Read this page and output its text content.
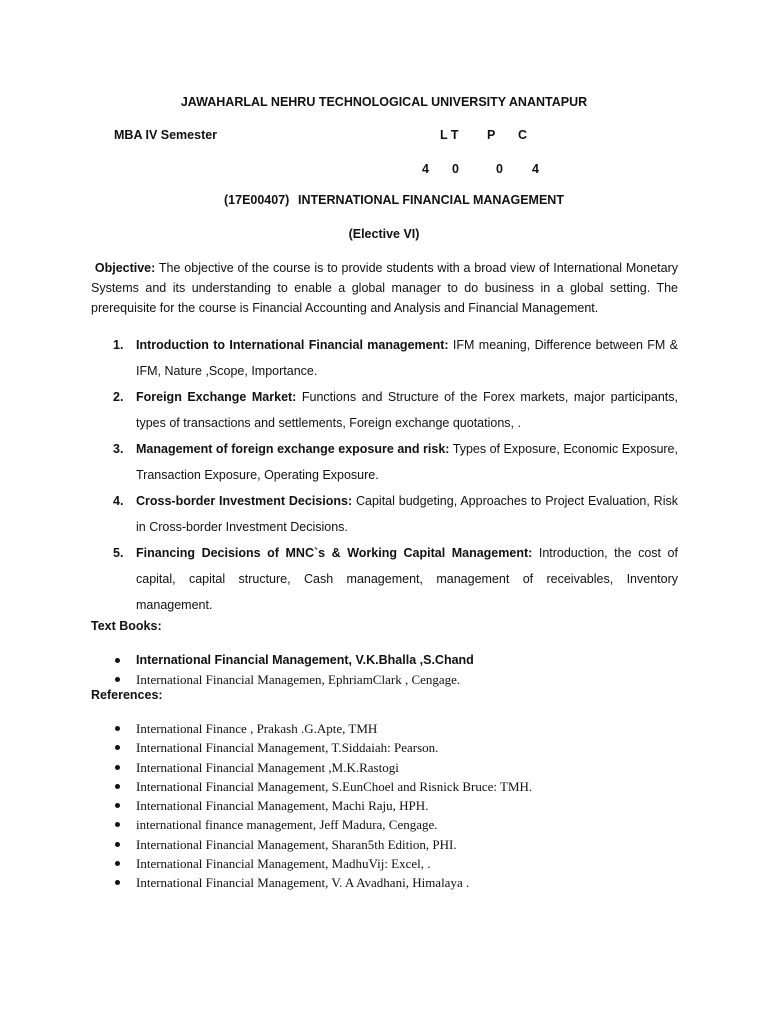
JAWAHARLAL NEHRU TECHNOLOGICAL UNIVERSITY ANANTAPUR
MBA IV Semester	L T P C
4 0	0 4
(17E00407) INTERNATIONAL FINANCIAL MANAGEMENT
(Elective VI)
Objective: The objective of the course is to provide students with a broad view of International Monetary Systems and its understanding to enable a global manager to do business in a global setting. The prerequisite for the course is Financial Accounting and Analysis and Financial Management.
1. Introduction to International Financial management: IFM meaning, Difference between FM & IFM, Nature ,Scope, Importance.
2. Foreign Exchange Market: Functions and Structure of the Forex markets, major participants, types of transactions and settlements, Foreign exchange quotations, .
3. Management of foreign exchange exposure and risk: Types of Exposure, Economic Exposure, Transaction Exposure, Operating Exposure.
4. Cross-border Investment Decisions: Capital budgeting, Approaches to Project Evaluation, Risk in Cross-border Investment Decisions.
5. Financing Decisions of MNC`s & Working Capital Management: Introduction, the cost of capital, capital structure, Cash management, management of receivables, Inventory management.
Text Books:
International Financial Management, V.K.Bhalla ,S.Chand
International Financial Managemen, EphriamClark , Cengage.
References:
International Finance , Prakash .G.Apte, TMH
International Financial Management, T.Siddaiah: Pearson.
International Financial Management ,M.K.Rastogi
International Financial Management, S.EunChoel and Risnick Bruce: TMH.
International Financial Management, Machi Raju, HPH.
international finance management, Jeff Madura, Cengage.
International Financial Management, Sharan5th Edition, PHI.
International Financial Management, MadhuVij: Excel, .
International Financial Management, V. A Avadhani, Himalaya .
